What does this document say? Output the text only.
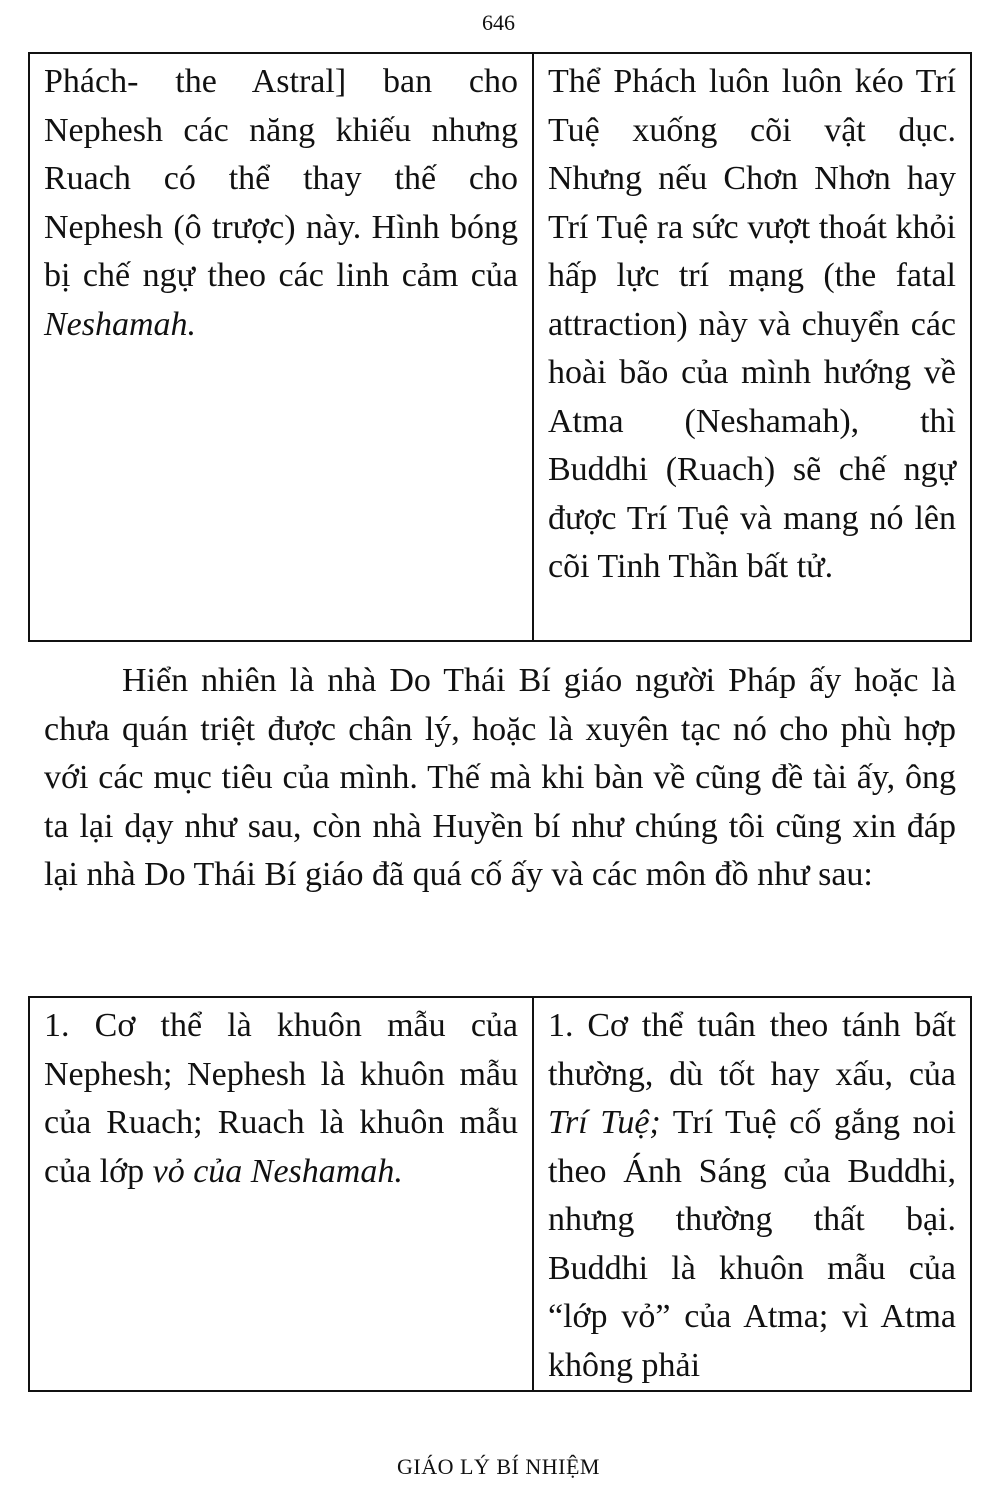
646
Phách- the Astral] ban cho Nephesh các năng khiếu nhưng Ruach có thể thay thế cho Nephesh (ô trược) này. Hình bóng bị chế ngự theo các linh cảm của Neshamah.	Thể Phách luôn luôn kéo Trí Tuệ xuống cõi vật dục. Nhưng nếu Chơn Nhơn hay Trí Tuệ ra sức vượt thoát khỏi hấp lực trí mạng (the fatal attraction) này và chuyển các hoài bão của mình hướng về Atma (Neshamah), thì Buddhi (Ruach) sẽ chế ngự được Trí Tuệ và mang nó lên cõi Tinh Thần bất tử.

Hiển nhiên là nhà Do Thái Bí giáo người Pháp ấy hoặc là chưa quán triệt được chân lý, hoặc là xuyên tạc nó cho phù hợp với các mục tiêu của mình. Thế mà khi bàn về cũng đề tài ấy, ông ta lại dạy như sau, còn nhà Huyền bí như chúng tôi cũng xin đáp lại nhà Do Thái Bí giáo đã quá cố ấy và các môn đồ như sau:

1. Cơ thể là khuôn mẫu của Nephesh; Nephesh là khuôn mẫu của Ruach; Ruach là khuôn mẫu của lớp vỏ của Neshamah.	1. Cơ thể tuân theo tánh bất thường, dù tốt hay xấu, của Trí Tuệ; Trí Tuệ cố gắng noi theo Ánh Sáng của Buddhi, nhưng thường thất bại. Buddhi là khuôn mẫu của “lớp vỏ” của Atma; vì Atma không phải
GIÁO LÝ BÍ NHIỆM
